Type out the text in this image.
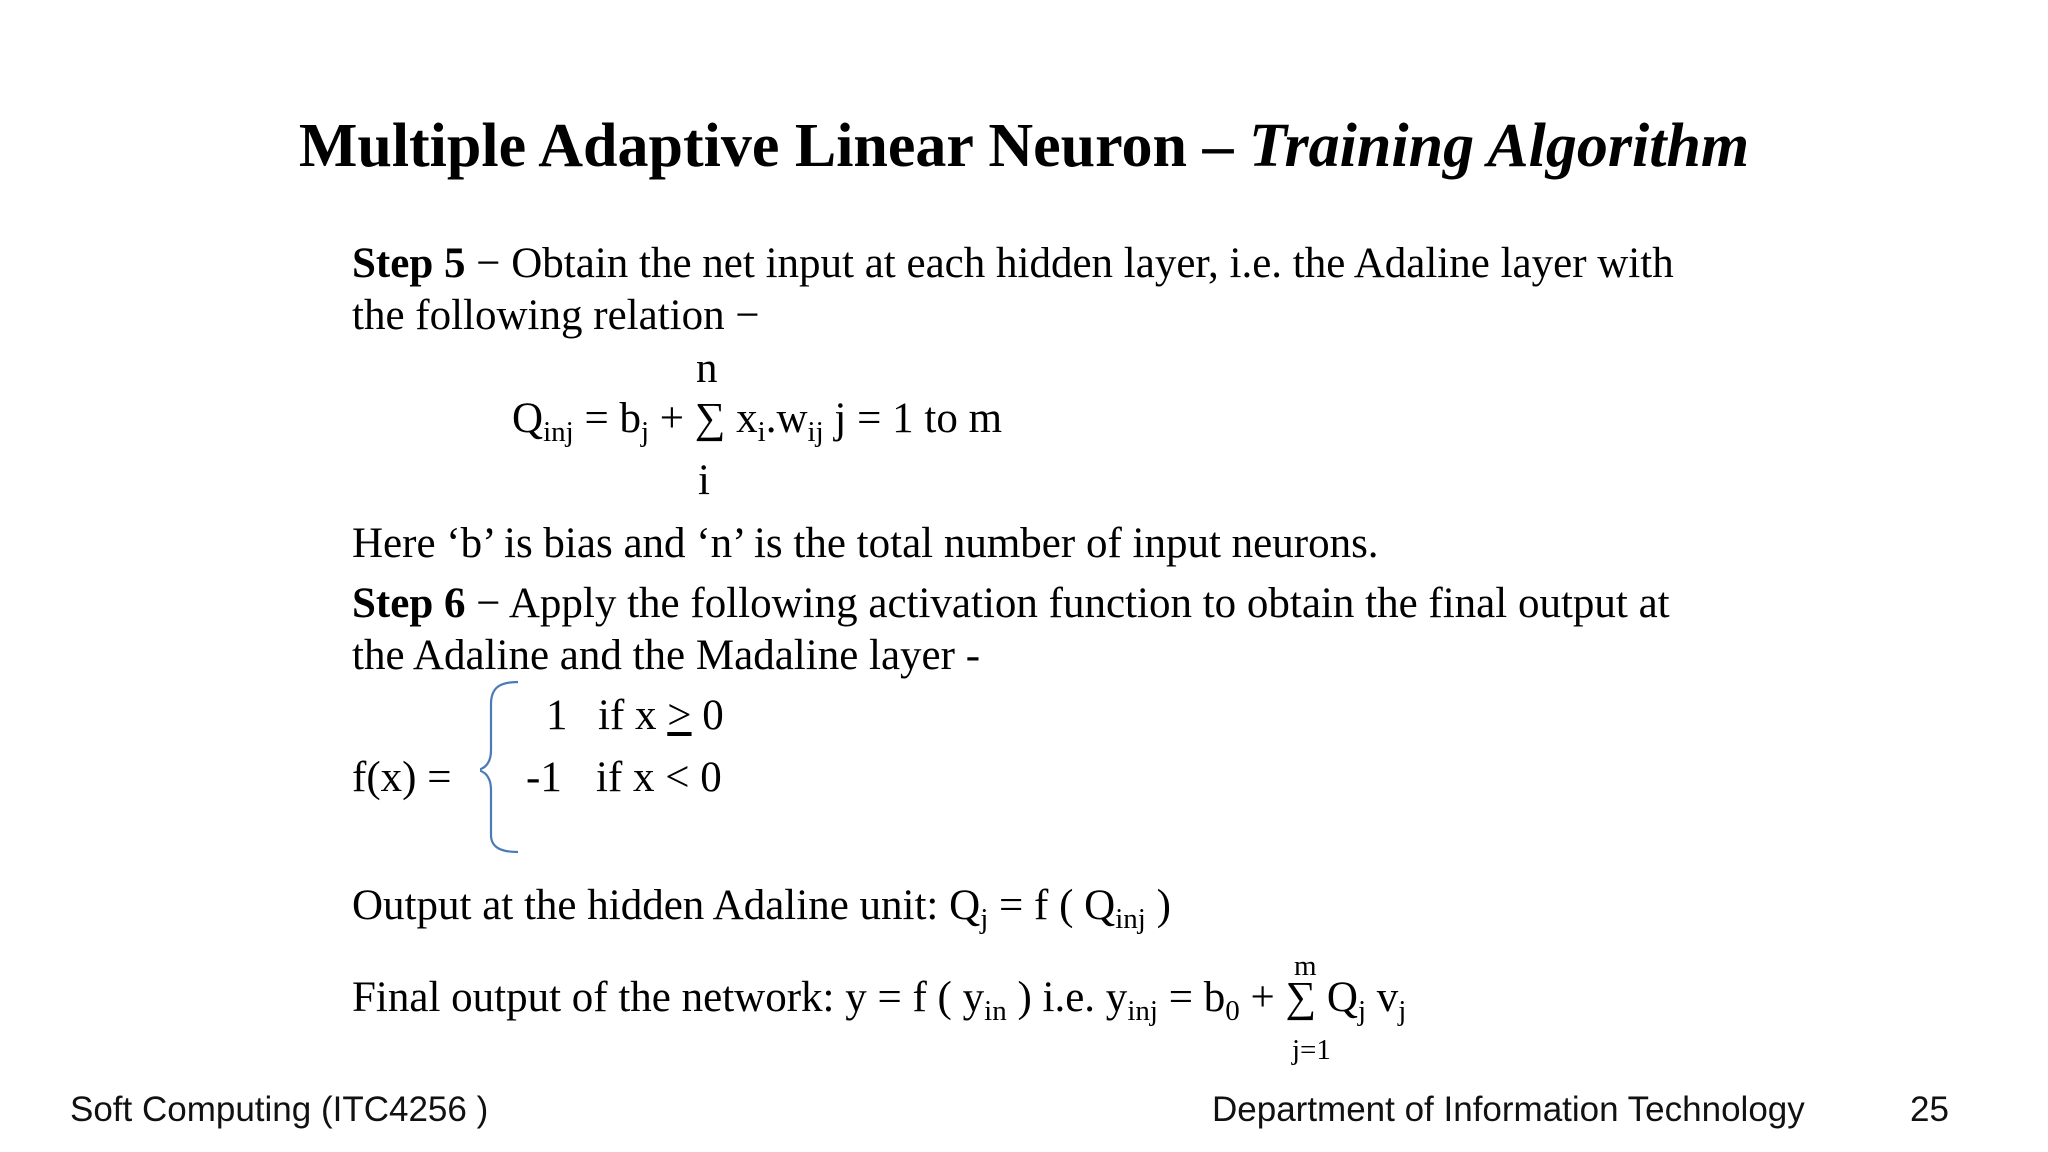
Multiple Adaptive Linear Neuron – Training Algorithm
Step 5 − Obtain the net input at each hidden layer, i.e. the Adaline layer with
the following relation −
n
$Q_{inj} = b_j$ + ∑ $x_i.w_{ij}$ j = 1 to m
i
Here ‘b’ is bias and ‘n’ is the total number of input neurons.
Step 6 − Apply the following activation function to obtain the final output at
the Adaline and the Madaline layer -
f(x) =
1 if x > 0
-1 if x < 0
Output at the hidden Adaline unit: $Q_j = f$ ( $Q_{inj}$ )
m
Final output of the network: y = f ( $y_{in}$ ) i.e. $y_{inj} = b_0$ + ∑ $Q_j$ $v_j$
j=1
Soft Computing (ITC4256 )	Department of Information Technology	25
